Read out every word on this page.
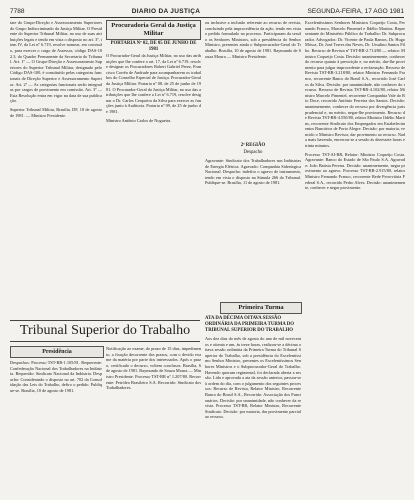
7788	DIARIO DA JUSTIÇA	SEGUNDA-FEIRA, 17 AGO 1981
tare do Grupo-Direção e Assessoramento Superiores do Grupo Indiscriminado da Justiça Militar. O Presidente do Superior Tribunal Militar, no uso de suas atribuições legais e tendo em vista o disposto no art. 3º, item IV, da Lei nº 6.719, resolve nomear, em comissão, para exercer o cargo de Assessor, código DAS-102.3, do Quadro Permanente da Secretaria do Tribunal. Art. 1º — O Grupo-Direção e Assessoramento Superiores do Superior Tribunal Militar, designado pelo Código DAS-100, é constituído pelas categorias funcionais de Direção Superior e Assessoramento Superior. Art. 2º — As categorias funcionais serão integradas por cargos de provimento em comissão. Art. 3º — Esta Resolução entra em vigor na data de sua publicação.
Superior Tribunal Militar, Brasília, DF, 18 de agosto de 1981. — Ministro Presidente.
Procuradoria Geral da Justiça Militar
PORTARIA Nº 02, DE 05 DE JUNHO DE 1981
O Procurador-Geral da Justiça Militar, no uso das atribuições que lhe confere o art. 17, da Lei nº 6.719, resolve designar os Procuradores Robert Gabriel Perez, Francisco Corrêa de Andrade para acompanharem os trabalhos do Conselho Especial de Justiça. Procurador-Geral da Justiça Militar. Portaria nº 08, de 25 de junho de 1981. O Procurador-Geral da Justiça Militar, no uso das atribuições que lhe confere a Lei nº 6.719, resolve designar o Dr. Carlos Cerqueira da Silva para exercer as funções junto à Auditoria. Portaria nº 09, de 25 de junho de 1981.
Ministro Antônio Carlos de Nogueira.
ou inclusive a inclusão referente ao recurso de revista, concluindo pela improcedência da ação, tendo em vista o pedido formulado no processo. Participaram da sessão os Senhores Ministros, sob a presidência do Senhor Ministro, presentes ainda o Subprocurador-Geral do Trabalho. Brasília, 10 de agosto de 1981. Raymundo de Souza Moura — Ministro Presidente.
2ª REGIÃO
Despacho
Agravante: Sindicato dos Trabalhadores nas Indústrias de Energia Elétrica. Agravado: Companhia Siderúrgica Nacional. Despacho: indefiro o agravo de instrumento, tendo em vista o disposto na Súmula 266 do Tribunal. Publique-se. Brasília, 11 de agosto de 1981.
Primeira Turma
ATA DA DÉCIMA OITAVA SESSÃO ORDINÁRIA DA PRIMEIRA TURMA DO TRIBUNAL SUPERIOR DO TRABALHO
Aos dez dias do mês de agosto do ano de mil novecentos e oitenta e um, às treze horas, realizou-se a décima oitava sessão ordinária da Primeira Turma do Tribunal Superior do Trabalho, sob a presidência do Excelentíssimo Senhor Ministro, presentes os Excelentíssimos Senhores Ministros e o Subprocurador-Geral do Trabalho. Havendo quorum regimental, foi declarada aberta a sessão. Lida e aprovada a ata da sessão anterior, passou-se à ordem do dia, com o julgamento dos seguintes processos: Recurso de Revista, Relator Ministro, Recorrente Banco do Brasil S.A., Recorrido: Associação dos Funcionários. Decisão: por unanimidade, não conhecer da revista. Processo TST-RR, Relator Ministro, Recorrente Sindicato. Decisão: por maioria, dar provimento parcial ao recurso.
Excelentíssimos Senhores Ministros Coqueijo Costa, Fernando Franco, Marcelo Pimentel e Ildélio Martins. Representante do Ministério Público do Trabalho: Dr. Subprocurador. Advogados: Dr. Vicente de Paula Ramos, Dr. Hugo Mósca, Dr. José Torres das Neves, Dr. Ursulino Santos Filho. Recurso de Revista nº TST-RR-2.714/80 — relator: Ministro Coqueijo Costa. Decisão: unanimemente, conhecer do recurso quanto à prescrição e, no mérito, dar-lhe provimento para julgar improcedente a reclamação. Recurso de Revista TST-RR-3.218/80, relator Ministro Fernando Franco, recorrente Banco do Brasil S.A., recorrido José Carlos da Silva. Decisão: por unanimidade, não conhecer do recurso. Recurso de Revista TST-RR-4.102/80, relator Ministro Marcelo Pimentel, recorrente Companhia Vale do Rio Doce, recorrido Antônio Ferreira dos Santos. Decisão: unanimemente, conhecer do recurso por divergência jurisprudencial e, no mérito, negar-lhe provimento. Recurso de Revista TST-RR-4.550/80, relator Ministro Ildélio Martins, recorrente Sindicato dos Empregados em Estabelecimentos Bancários de Porto Alegre. Decisão: por maioria, vencido o Ministro Revisor, dar provimento ao recurso. Nada mais havendo, encerrou-se a sessão às dezessete horas e trinta minutos.
Processo TST-AI-RR, Relator: Ministro Coqueijo Costa. Agravante: Banco do Estado de São Paulo S.A. Agravado: João Batista Pereira. Decisão: unanimemente, negar provimento ao agravo. Processo TST-RR-2.915/80, relator Ministro Fernando Franco, recorrente Rede Ferroviária Federal S.A., recorrido Pedro Alves. Decisão: unanimemente, conhecer e negar provimento.
Tribunal Superior do Trabalho
Presidência
Despachos: Processo TST-RR-1.105/81. Requerente: Confederação Nacional dos Trabalhadores na Indústria. Requerido: Sindicato Nacional da Indústria. Despacho: Considerando o disposto no art. 702 da Consolidação das Leis do Trabalho, defiro o pedido. Publique-se. Brasília, 10 de agosto de 1981.
Notificação ao exame, do prazo de 15 dias, impedimento, a fixação decorrente dos prazos, com o devido exame da matéria por parte dos interessados. Após o prazo, certificado o decurso, voltem conclusos. Brasília, 6 de agosto de 1981. Raymundo de Souza Moura — Ministro Presidente. Processo TST-RR nº 1.207/80. Recorrente: Petróleo Brasileiro S.A. Recorrido: Sindicato dos Trabalhadores.
